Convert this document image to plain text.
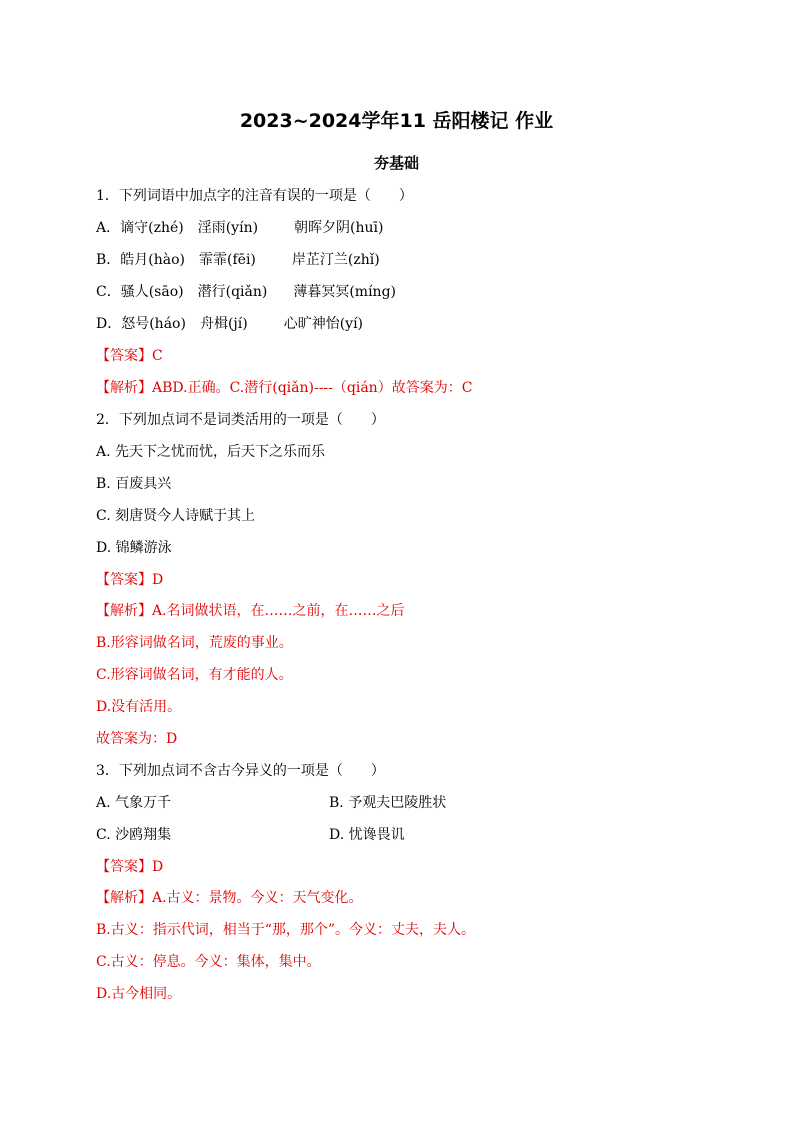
2023~2024学年11 岳阳楼记 作业
夯基础
1．下列词语中加点字的注音有误的一项是（　　）
A．谪守(zhé) 淫雨(yín)	朝晖夕阴(huī)
B．皓月(hào) 霏霏(fēi)	岸芷汀兰(zhǐ)
C．骚人(sāo) 潜行(qiǎn) 薄暮冥冥(míng)
D．怒号(háo) 舟楫(jí)	心旷神怡(yí)
【答案】C
【解析】ABD.正确。C.潜行(qiǎn)----（qián）故答案为：C
2．下列加点词不是词类活用的一项是（　　）
A. 先天下之忧而忧，后天下之乐而乐
B. 百废具兴
C. 刻唐贤今人诗赋于其上
D. 锦鳞游泳
【答案】D
【解析】A.名词做状语，在……之前，在……之后
B.形容词做名词，荒废的事业。
C.形容词做名词，有才能的人。
D.没有活用。
故答案为：D
3．下列加点词不含古今异义的一项是（　　）
A. 气象万千	B. 予观夫巴陵胜状
C. 沙鸥翔集	D. 忧谗畏讥
【答案】D
【解析】A.古义：景物。今义：天气变化。
B.古义：指示代词，相当于“那，那个”。今义：丈夫，夫人。
C.古义：停息。今义：集体，集中。
D.古今相同。
